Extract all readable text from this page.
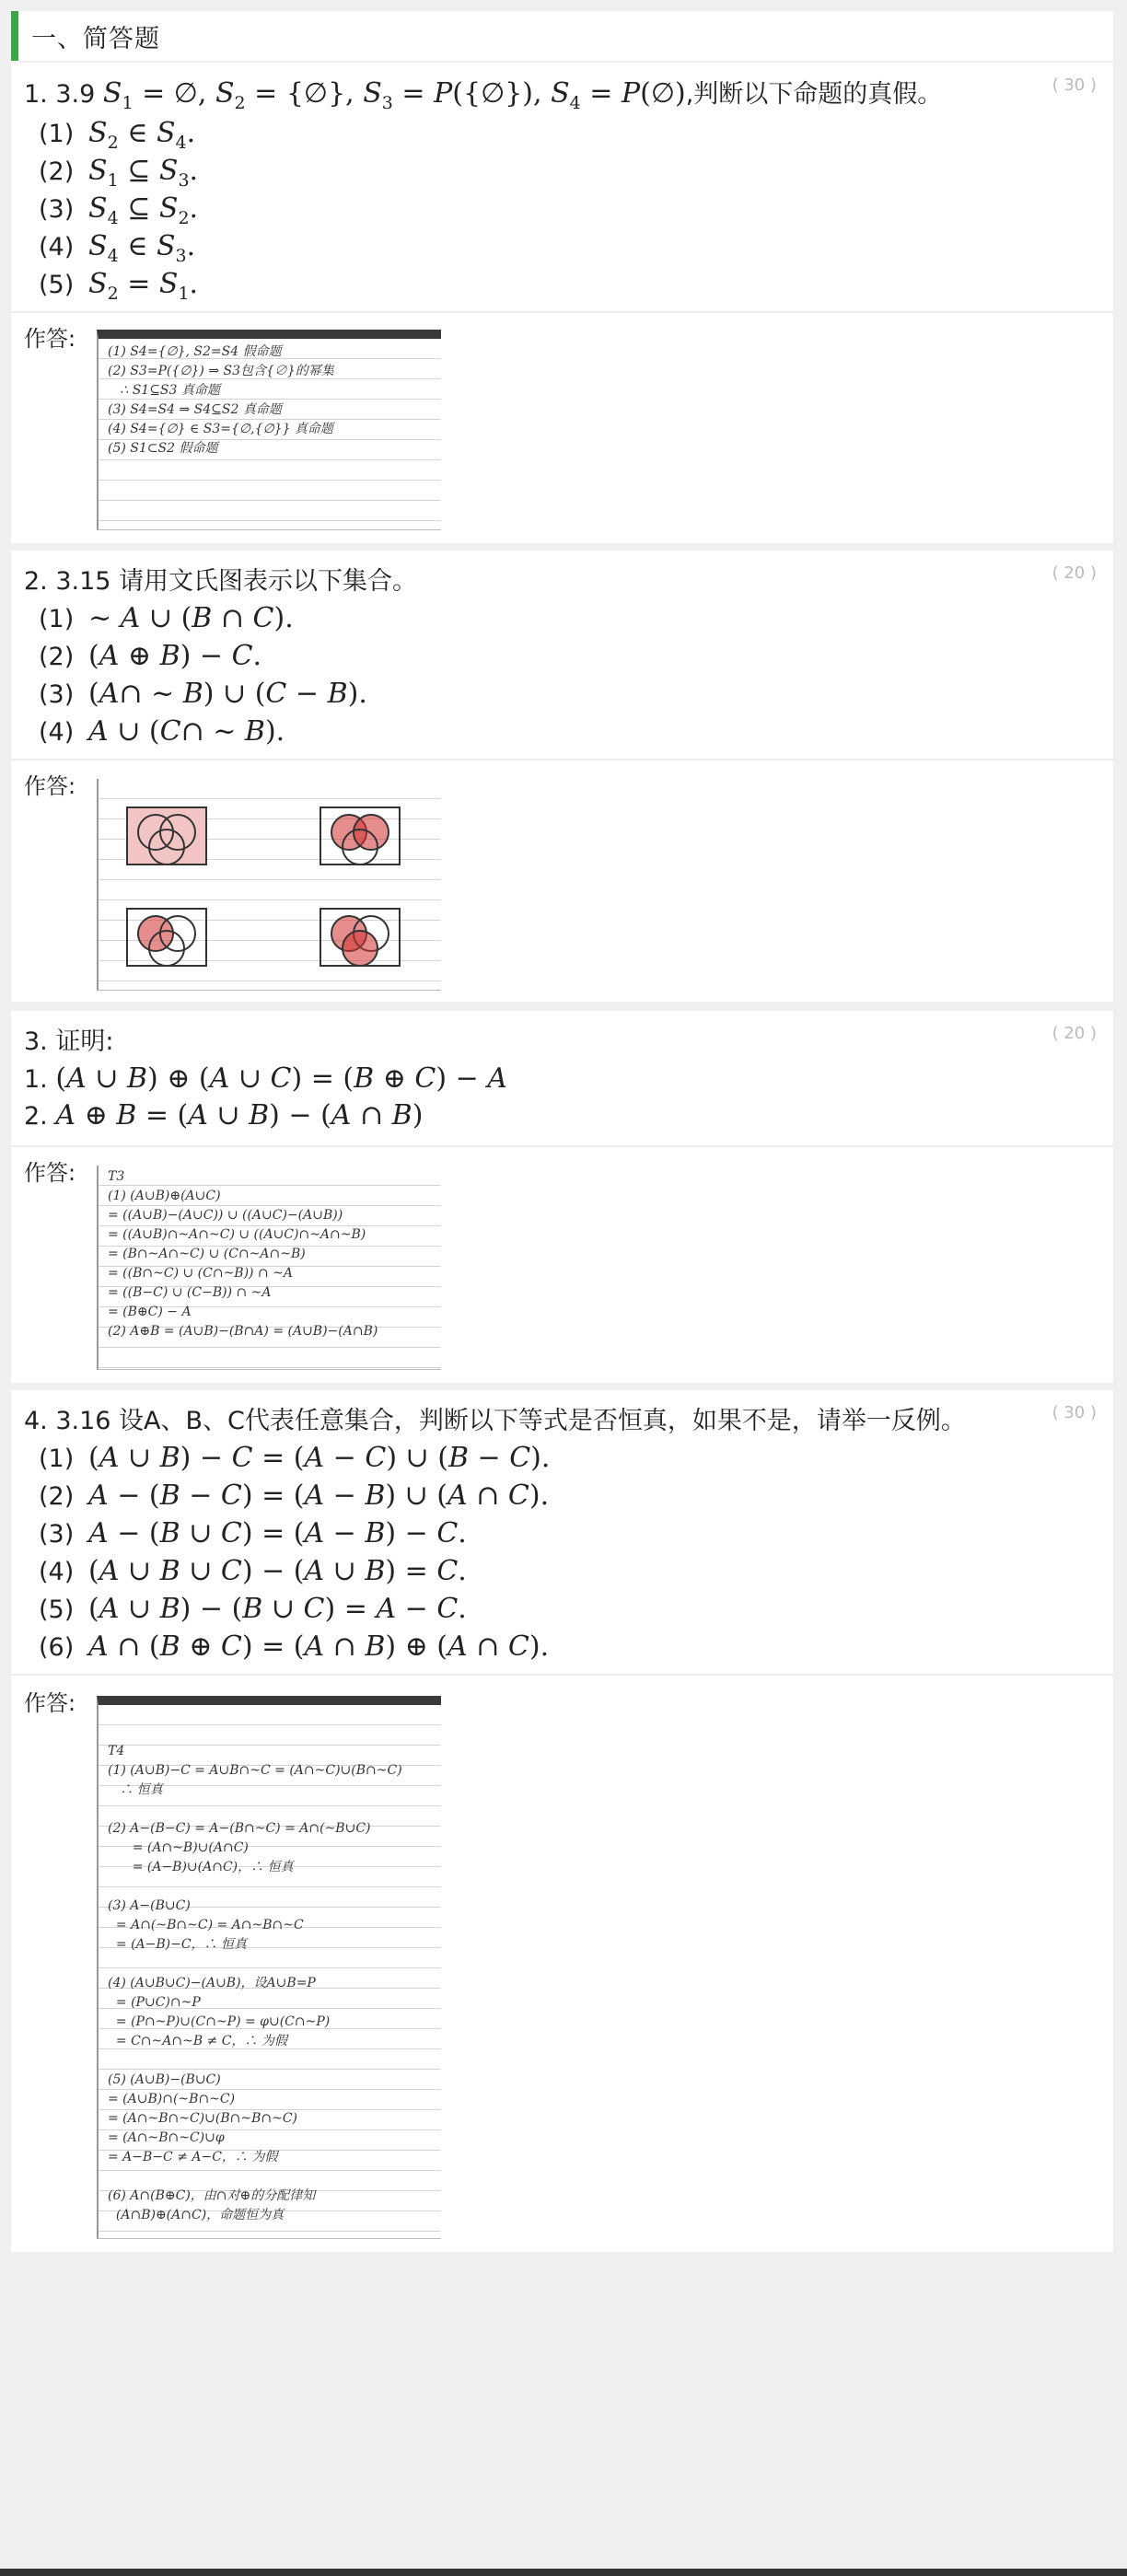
一、简答题
1. 3.9 $S_1$ = ∅, $S_2$ = {∅}, $S_3$ = P({∅}), $S_4$ = P(∅),判断以下命题的真假。	( 30 )
(1) $S_2$ ∈ $S_4$.
(2) $S_1$ ⊆ $S_3$.
(3) $S_4$ ⊆ $S_2$.
(4) $S_4$ ∈ $S_3$.
(5) $S_2 = S_1$.
作答: (1) S4={∅}, S2=S4 假命题
(2) S3=P({∅}) ⇒ S3包含{∅}的幂集
∴ S1⊆S3 真命题
(3) S4=S4 ⇒ S4⊆S2 真命题
(4) S4={∅} ∈ S3={∅,{∅}} 真命题
(5) S1⊂S2 假命题
2. 3.15 请用文氏图表示以下集合。	( 20 )
(1) ~ A ∪ (B ∩ C).
(2) (A ⊕ B) − C.
(3) (A∩ ~ B) ∪ (C − B).
(4) A ∪ (C∩ ~ B).
作答:
3. 证明:	( 20 )
1. (A ∪ B) ⊕ (A ∪ C) = (B ⊕ C) − A
2. A ⊕ B = (A ∪ B) − (A ∩ B)
作答: T3
(1) (A∪B)⊕(A∪C)
= ((A∪B)−(A∪C)) ∪ ((A∪C)−(A∪B))
= ((A∪B)∩~A∩~C) ∪ ((A∪C)∩~A∩~B)
= (B∩~A∩~C) ∪ (C∩~A∩~B)
= ((B∩~C) ∪ (C∩~B)) ∩ ~A
= ((B−C) ∪ (C−B)) ∩ ~A
= (B⊕C) − A
(2) A⊕B = (A∪B)−(B∩A) = (A∪B)−(A∩B)
4. 3.16 设A、B、C代表任意集合，判断以下等式是否恒真，如果不是，请举一反例。	( 30 )
(1) (A ∪ B) − C = (A − C) ∪ (B − C).
(2) A − (B − C) = (A − B) ∪ (A ∩ C).
(3) A − (B ∪ C) = (A − B) − C.
(4) (A ∪ B ∪ C) − (A ∪ B) = C.
(5) (A ∪ B) − (B ∪ C) = A − C.
(6) A ∩ (B ⊕ C) = (A ∩ B) ⊕ (A ∩ C).
作答:
T4
(1) (A∪B)−C = A∪B∩~C = (A∩~C)∪(B∩~C)
∴ 恒真

(2) A−(B−C) = A−(B∩~C) = A∩(~B∪C)
= (A∩~B)∪(A∩C)
= (A−B)∪(A∩C)，∴ 恒真

(3) A−(B∪C)
= A∩(~B∩~C) = A∩~B∩~C
= (A−B)−C，∴ 恒真

(4) (A∪B∪C)−(A∪B)，设A∪B=P
= (P∪C)∩~P
= (P∩~P)∪(C∩~P) = φ∪(C∩~P)
= C∩~A∩~B ≠ C，∴ 为假

(5) (A∪B)−(B∪C)
= (A∪B)∩(~B∩~C)
= (A∩~B∩~C)∪(B∩~B∩~C)
= (A∩~B∩~C)∪φ
= A−B−C ≠ A−C，∴ 为假

(6) A∩(B⊕C)，由∩对⊕的分配律知
(A∩B)⊕(A∩C)，命题恒为真
